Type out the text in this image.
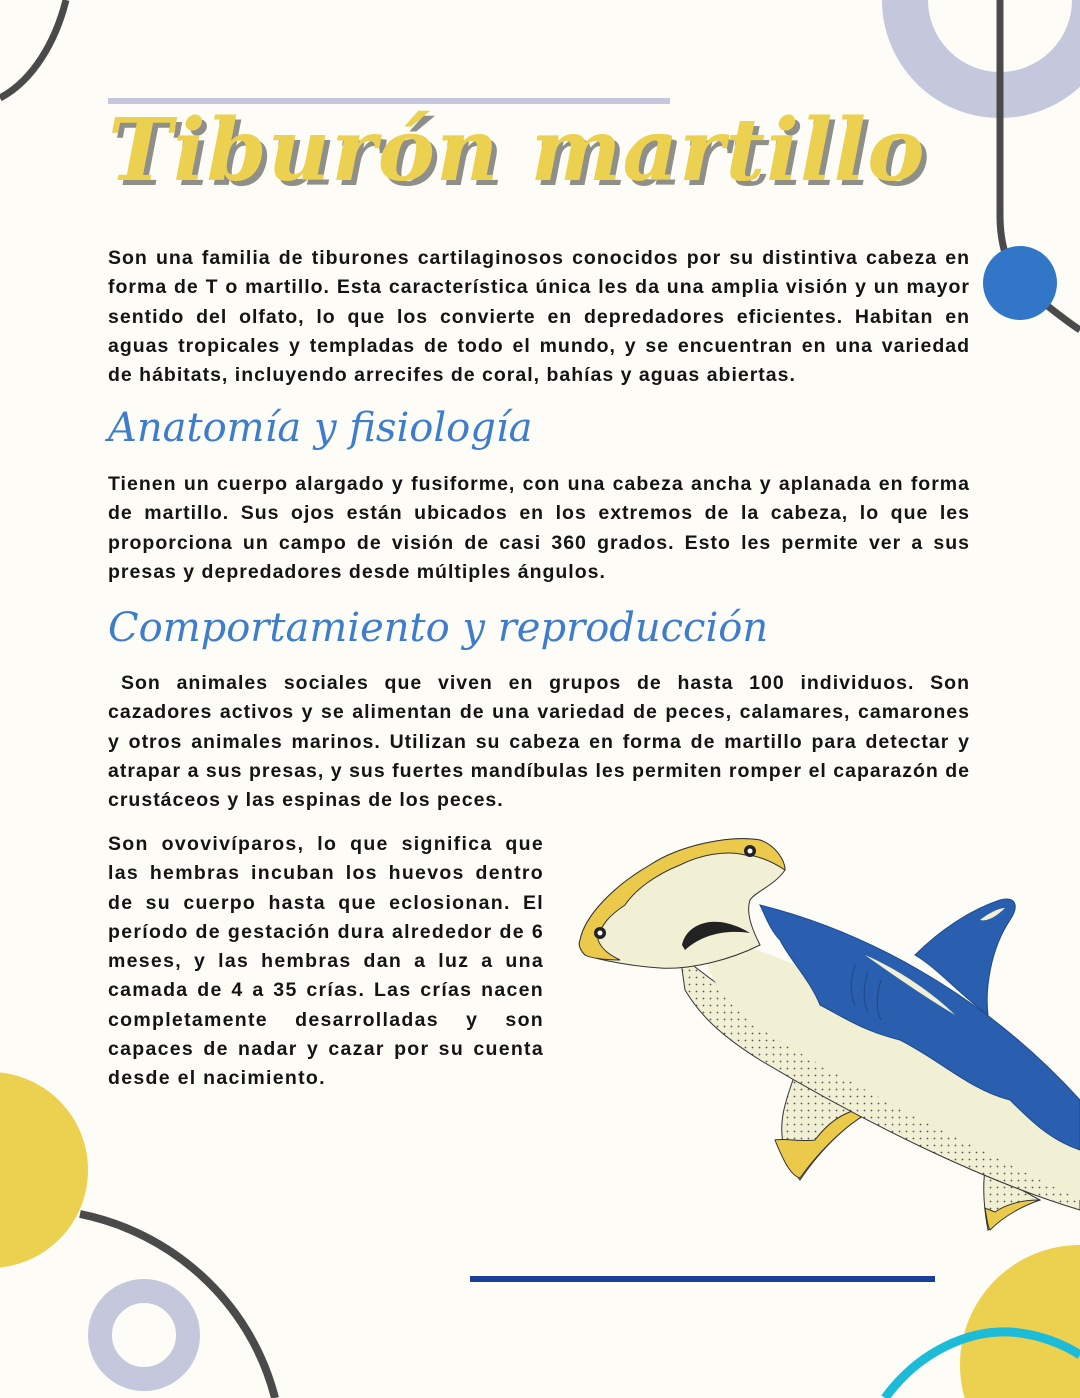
Tiburón martillo

Son una familia de tiburones cartilaginosos conocidos por su distintiva cabeza en forma de T o martillo. Esta característica única les da una amplia visión y un mayor sentido del olfato, lo que los convierte en depredadores eficientes. Habitan en aguas tropicales y templadas de todo el mundo, y se encuentran en una variedad de hábitats, incluyendo arrecifes de coral, bahías y aguas abiertas.

Anatomía y fisiología

Tienen un cuerpo alargado y fusiforme, con una cabeza ancha y aplanada en forma de martillo. Sus ojos están ubicados en los extremos de la cabeza, lo que les proporciona un campo de visión de casi 360 grados. Esto les permite ver a sus presas y depredadores desde múltiples ángulos.

Comportamiento y reproducción

Son animales sociales que viven en grupos de hasta 100 individuos. Son cazadores activos y se alimentan de una variedad de peces, calamares, camarones y otros animales marinos. Utilizan su cabeza en forma de martillo para detectar y atrapar a sus presas, y sus fuertes mandíbulas les permiten romper el caparazón de crustáceos y las espinas de los peces.

Son ovovivíparos, lo que significa que las hembras incuban los huevos dentro de su cuerpo hasta que eclosionan. El período de gestación dura alrededor de 6 meses, y las hembras dan a luz a una camada de 4 a 35 crías. Las crías nacen completamente desarrolladas y son capaces de nadar y cazar por su cuenta desde el nacimiento.
